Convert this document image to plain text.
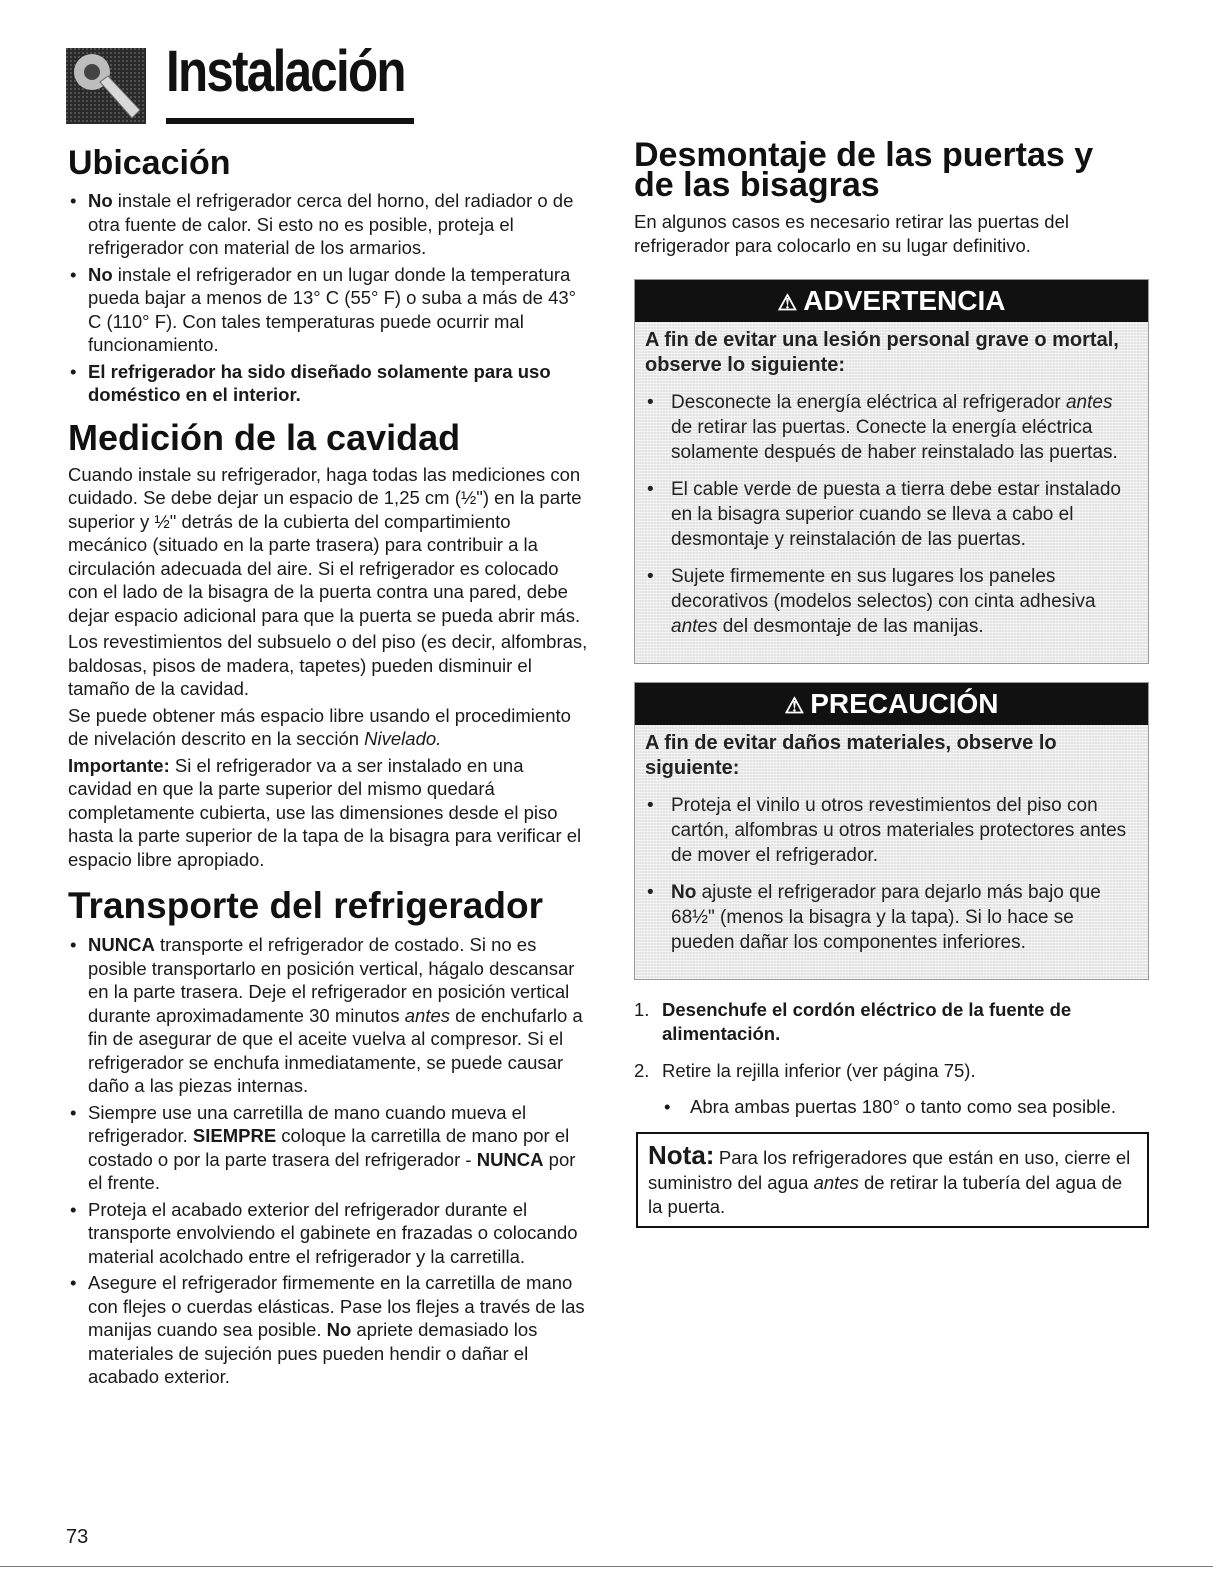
Instalación
Ubicación
• No instale el refrigerador cerca del horno, del radiador o de otra fuente de calor. Si esto no es posible, proteja el refrigerador con material de los armarios.
• No instale el refrigerador en un lugar donde la temperatura pueda bajar a menos de 13° C (55° F) o suba a más de 43° C (110° F). Con tales temperaturas puede ocurrir mal funcionamiento.
• El refrigerador ha sido diseñado solamente para uso doméstico en el interior.
Medición de la cavidad

Cuando instale su refrigerador, haga todas las mediciones con cuidado. Se debe dejar un espacio de 1,25 cm (½") en la parte superior y ½" detrás de la cubierta del compartimiento mecánico (situado en la parte trasera) para contribuir a la circulación adecuada del aire. Si el refrigerador es colocado con el lado de la bisagra de la puerta contra una pared, debe dejar espacio adicional para que la puerta se pueda abrir más.

Los revestimientos del subsuelo o del piso (es decir, alfombras, baldosas, pisos de madera, tapetes) pueden disminuir el tamaño de la cavidad.

Se puede obtener más espacio libre usando el procedimiento de nivelación descrito en la sección Nivelado.

Importante: Si el refrigerador va a ser instalado en una cavidad en que la parte superior del mismo quedará completamente cubierta, use las dimensiones desde el piso hasta la parte superior de la tapa de la bisagra para verificar el espacio libre apropiado.

Transporte del refrigerador
• NUNCA transporte el refrigerador de costado. Si no es posible transportarlo en posición vertical, hágalo descansar en la parte trasera. Deje el refrigerador en posición vertical durante aproximadamente 30 minutos antes de enchufarlo a fin de asegurar de que el aceite vuelva al compresor. Si el refrigerador se enchufa inmediatamente, se puede causar daño a las piezas internas.
• Siempre use una carretilla de mano cuando mueva el refrigerador. SIEMPRE coloque la carretilla de mano por el costado o por la parte trasera del refrigerador - NUNCA por el frente.
• Proteja el acabado exterior del refrigerador durante el transporte envolviendo el gabinete en frazadas o colocando material acolchado entre el refrigerador y la carretilla.
• Asegure el refrigerador firmemente en la carretilla de mano con flejes o cuerdas elásticas. Pase los flejes a través de las manijas cuando sea posible. No apriete demasiado los materiales de sujeción pues pueden hendir o dañar el acabado exterior.
Desmontaje de las puertas y
de las bisagras

En algunos casos es necesario retirar las puertas del refrigerador para colocarlo en su lugar definitivo.

⚠ ADVERTENCIA
A fin de evitar una lesión personal grave o mortal, observe lo siguiente:
• Desconecte la energía eléctrica al refrigerador antes de retirar las puertas. Conecte la energía eléctrica solamente después de haber reinstalado las puertas.
• El cable verde de puesta a tierra debe estar instalado en la bisagra superior cuando se lleva a cabo el desmontaje y reinstalación de las puertas.
• Sujete firmemente en sus lugares los paneles decorativos (modelos selectos) con cinta adhesiva antes del desmontaje de las manijas.
⚠ PRECAUCIÓN
A fin de evitar daños materiales, observe lo siguiente:
• Proteja el vinilo u otros revestimientos del piso con cartón, alfombras u otros materiales protectores antes de mover el refrigerador.
• No ajuste el refrigerador para dejarlo más bajo que 68½" (menos la bisagra y la tapa). Si lo hace se pueden dañar los componentes inferiores.
1. Desenchufe el cordón eléctrico de la fuente de alimentación.
2. Retire la rejilla inferior (ver página 75).
• Abra ambas puertas 180° o tanto como sea posible.
Nota:

Para los refrigeradores que están en uso, cierre el suministro del agua antes de retirar la tubería del agua de la puerta.

73
